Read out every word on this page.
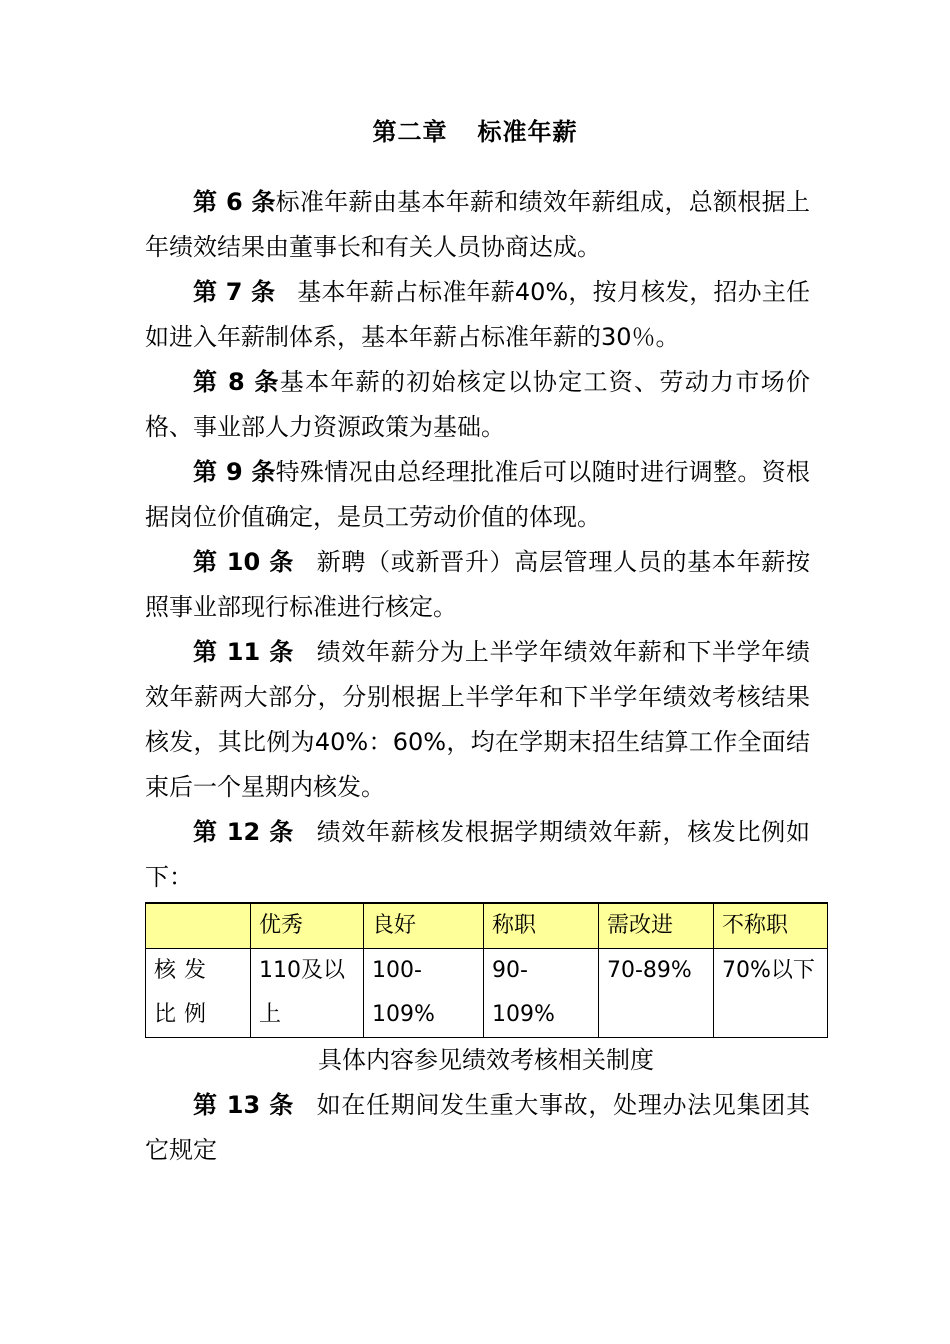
第二章 标准年薪

第 6 条标准年薪由基本年薪和绩效年薪组成，总额根据上年绩效结果由董事长和有关人员协商达成。

第 7 条 基本年薪占标准年薪40%，按月核发，招办主任如进入年薪制体系，基本年薪占标准年薪的30％。

第 8 条基本年薪的初始核定以协定工资、劳动力市场价格、事业部人力资源政策为基础。

第 9 条特殊情况由总经理批准后可以随时进行调整。资根据岗位价值确定，是员工劳动价值的体现。

第 10 条 新聘（或新晋升）高层管理人员的基本年薪按照事业部现行标准进行核定。

第 11 条 绩效年薪分为上半学年绩效年薪和下半学年绩效年薪两大部分，分别根据上半学年和下半学年绩效考核结果核发，其比例为40%：60%，均在学期末招生结算工作全面结束后一个星期内核发。

第 12 条 绩效年薪核发根据学期绩效年薪，核发比例如下：

	优秀	良好	称职	需改进	不称职
核发比例	110及以上	100-109%	90-109%	70-89%	70%以下

具体内容参见绩效考核相关制度

第 13 条 如在任期间发生重大事故，处理办法见集团其它规定
